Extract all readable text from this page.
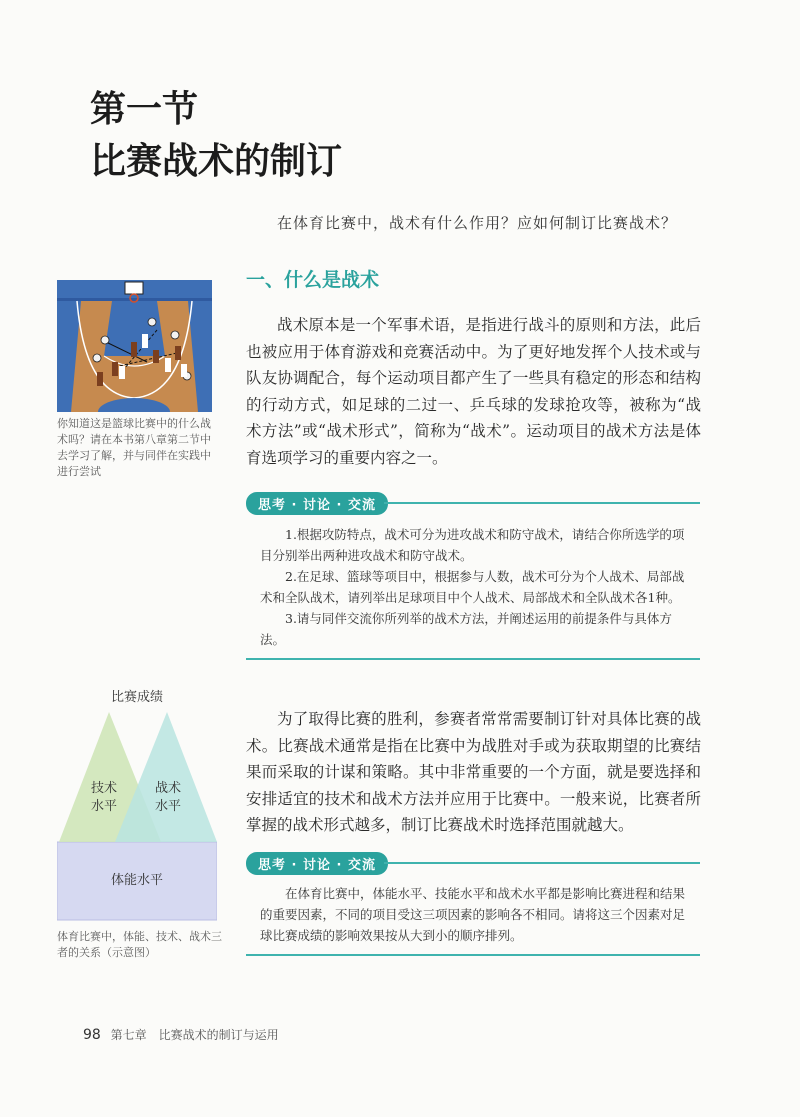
第一节
比赛战术的制订
在体育比赛中，战术有什么作用？应如何制订比赛战术？
一、什么是战术
你知道这是篮球比赛中的什么战术吗？请在本书第八章第二节中去学习了解，并与同伴在实践中进行尝试
战术原本是一个军事术语，是指进行战斗的原则和方法，此后也被应用于体育游戏和竞赛活动中。为了更好地发挥个人技术或与队友协调配合，每个运动项目都产生了一些具有稳定的形态和结构的行动方式，如足球的二过一、乒乓球的发球抢攻等，被称为“战术方法”或“战术形式”，简称为“战术”。运动项目的战术方法是体育选项学习的重要内容之一。
思考 · 讨论 · 交流

1.根据攻防特点，战术可分为进攻战术和防守战术，请结合你所选学的项目分别举出两种进攻战术和防守战术。

2.在足球、篮球等项目中，根据参与人数，战术可分为个人战术、局部战术和全队战术，请列举出足球项目中个人战术、局部战术和全队战术各1种。

3.请与同伴交流你所列举的战术方法，并阐述运用的前提条件与具体方法。

比赛成绩
技术
水平
战术
水平
体能水平
体育比赛中，体能、技术、战术三者的关系（示意图）
为了取得比赛的胜利，参赛者常常需要制订针对具体比赛的战术。比赛战术通常是指在比赛中为战胜对手或为获取期望的比赛结果而采取的计谋和策略。其中非常重要的一个方面，就是要选择和安排适宜的技术和战术方法并应用于比赛中。一般来说，比赛者所掌握的战术形式越多，制订比赛战术时选择范围就越大。
思考 · 讨论 · 交流

在体育比赛中，体能水平、技能水平和战术水平都是影响比赛进程和结果的重要因素，不同的项目受这三项因素的影响各不相同。请将这三个因素对足球比赛成绩的影响效果按从大到小的顺序排列。

98 第七章　比赛战术的制订与运用
